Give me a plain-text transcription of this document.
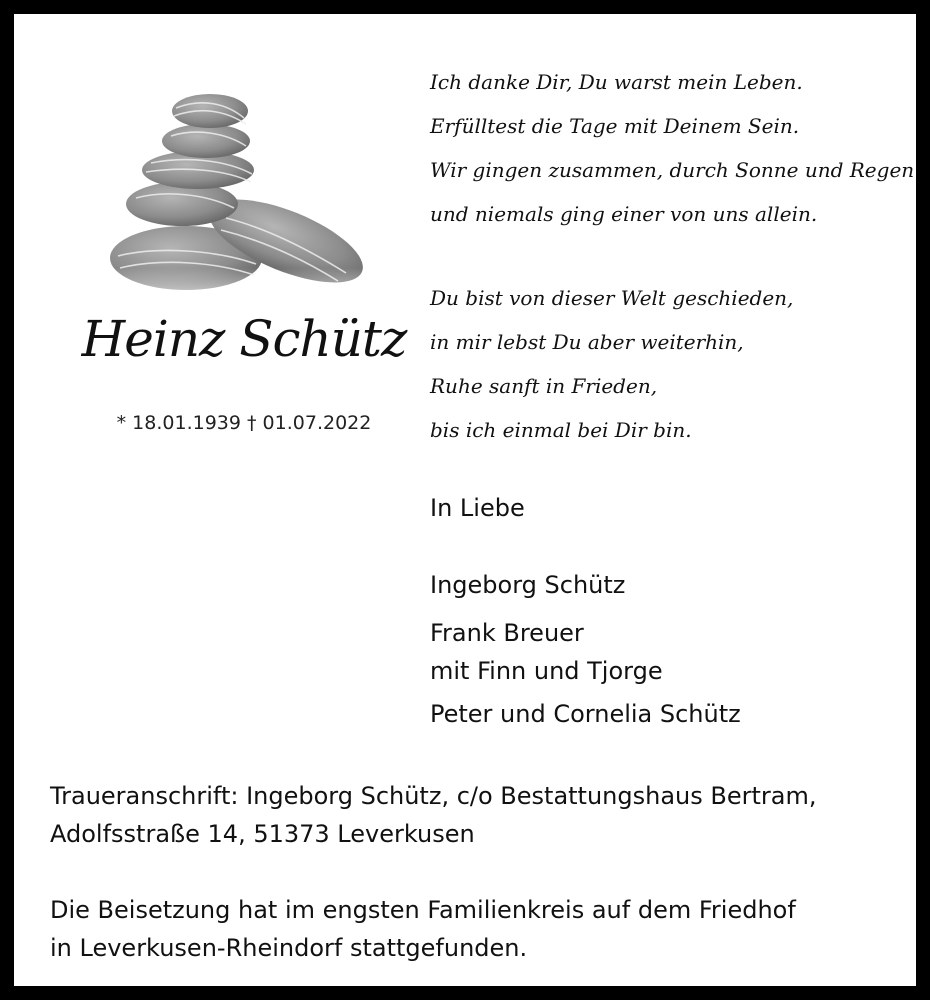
Heinz Schütz
* 18.01.1939 † 01.07.2022
Ich danke Dir, Du warst mein Leben.
Erfülltest die Tage mit Deinem Sein.
Wir gingen zusammen, durch Sonne und Regen
und niemals ging einer von uns allein.
Du bist von dieser Welt geschieden,
in mir lebst Du aber weiterhin,
Ruhe sanft in Frieden,
bis ich einmal bei Dir bin.
In Liebe
Ingeborg Schütz
Frank Breuer
mit Finn und Tjorge
Peter und Cornelia Schütz
Traueranschrift: Ingeborg Schütz, c/o Bestattungshaus Bertram,
Adolfsstraße 14, 51373 Leverkusen
Die Beisetzung hat im engsten Familienkreis auf dem Friedhof
in Leverkusen-Rheindorf stattgefunden.
